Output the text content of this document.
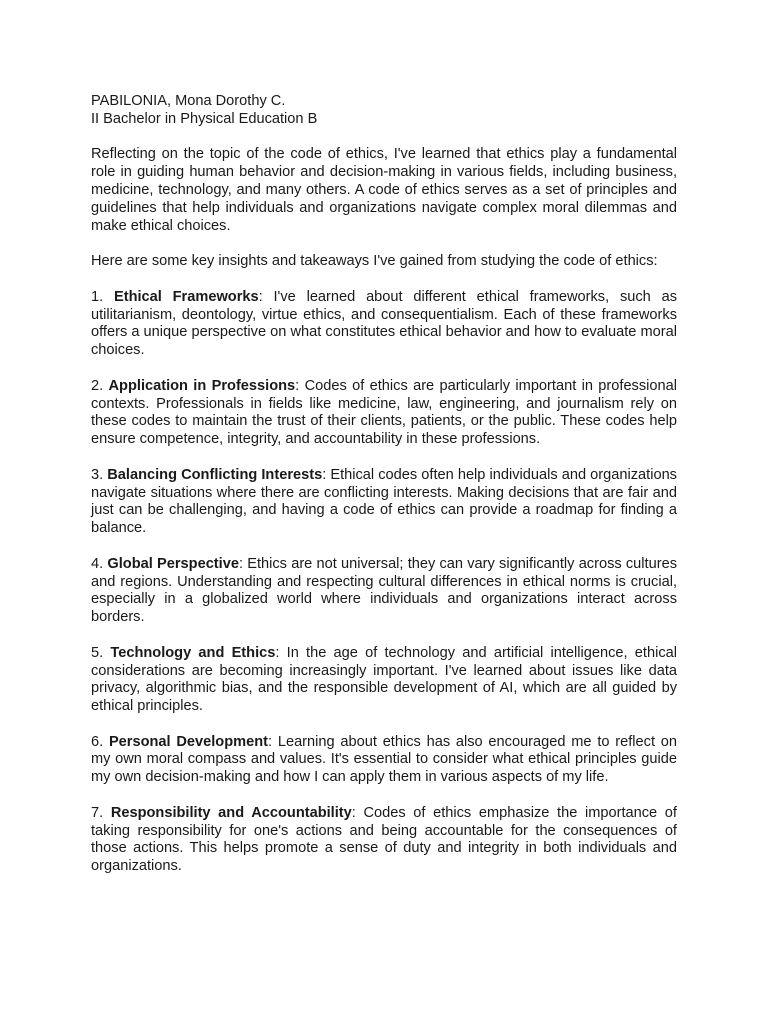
PABILONIA, Mona Dorothy C.

II Bachelor in Physical Education B

Reflecting on the topic of the code of ethics, I've learned that ethics play a fundamental role in guiding human behavior and decision-making in various fields, including business, medicine, technology, and many others. A code of ethics serves as a set of principles and guidelines that help individuals and organizations navigate complex moral dilemmas and make ethical choices.

Here are some key insights and takeaways I've gained from studying the code of ethics:

1. Ethical Frameworks: I've learned about different ethical frameworks, such as utilitarianism, deontology, virtue ethics, and consequentialism. Each of these frameworks offers a unique perspective on what constitutes ethical behavior and how to evaluate moral choices.

2. Application in Professions: Codes of ethics are particularly important in professional contexts. Professionals in fields like medicine, law, engineering, and journalism rely on these codes to maintain the trust of their clients, patients, or the public. These codes help ensure competence, integrity, and accountability in these professions.

3. Balancing Conflicting Interests: Ethical codes often help individuals and organizations navigate situations where there are conflicting interests. Making decisions that are fair and just can be challenging, and having a code of ethics can provide a roadmap for finding a balance.

4. Global Perspective: Ethics are not universal; they can vary significantly across cultures and regions. Understanding and respecting cultural differences in ethical norms is crucial, especially in a globalized world where individuals and organizations interact across borders.

5. Technology and Ethics: In the age of technology and artificial intelligence, ethical considerations are becoming increasingly important. I've learned about issues like data privacy, algorithmic bias, and the responsible development of AI, which are all guided by ethical principles.

6. Personal Development: Learning about ethics has also encouraged me to reflect on my own moral compass and values. It's essential to consider what ethical principles guide my own decision-making and how I can apply them in various aspects of my life.

7. Responsibility and Accountability: Codes of ethics emphasize the importance of taking responsibility for one's actions and being accountable for the consequences of those actions. This helps promote a sense of duty and integrity in both individuals and organizations.
